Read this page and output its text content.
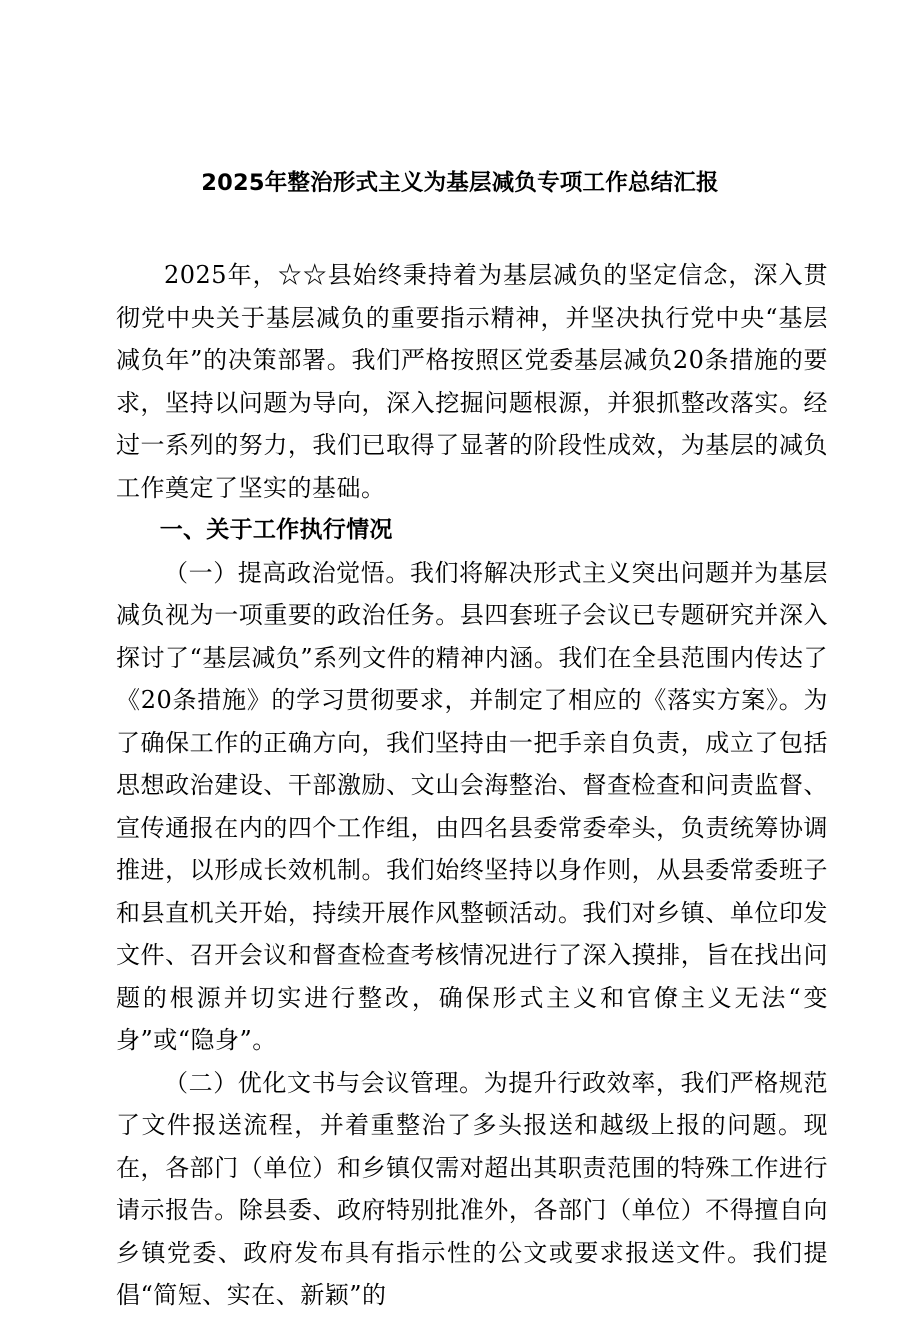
2025年整治形式主义为基层减负专项工作总结汇报

2025年，☆☆县始终秉持着为基层减负的坚定信念，深入贯彻党中央关于基层减负的重要指示精神，并坚决执行党中央“基层减负年”的决策部署。我们严格按照区党委基层减负20条措施的要求，坚持以问题为导向，深入挖掘问题根源，并狠抓整改落实。经过一系列的努力，我们已取得了显著的阶段性成效，为基层的减负工作奠定了坚实的基础。

一、关于工作执行情况

（一）提高政治觉悟。我们将解决形式主义突出问题并为基层减负视为一项重要的政治任务。县四套班子会议已专题研究并深入探讨了“基层减负”系列文件的精神内涵。我们在全县范围内传达了《20条措施》的学习贯彻要求，并制定了相应的《落实方案》。为了确保工作的正确方向，我们坚持由一把手亲自负责，成立了包括思想政治建设、干部激励、文山会海整治、督查检查和问责监督、宣传通报在内的四个工作组，由四名县委常委牵头，负责统筹协调推进，以形成长效机制。我们始终坚持以身作则，从县委常委班子和县直机关开始，持续开展作风整顿活动。我们对乡镇、单位印发文件、召开会议和督查检查考核情况进行了深入摸排，旨在找出问题的根源并切实进行整改，确保形式主义和官僚主义无法“变身”或“隐身”。

（二）优化文书与会议管理。为提升行政效率，我们严格规范了文件报送流程，并着重整治了多头报送和越级上报的问题。现在，各部门（单位）和乡镇仅需对超出其职责范围的特殊工作进行请示报告。除县委、政府特别批准外，各部门（单位）不得擅自向乡镇党委、政府发布具有指示性的公文或要求报送文件。我们提倡“简短、实在、新颖”的
